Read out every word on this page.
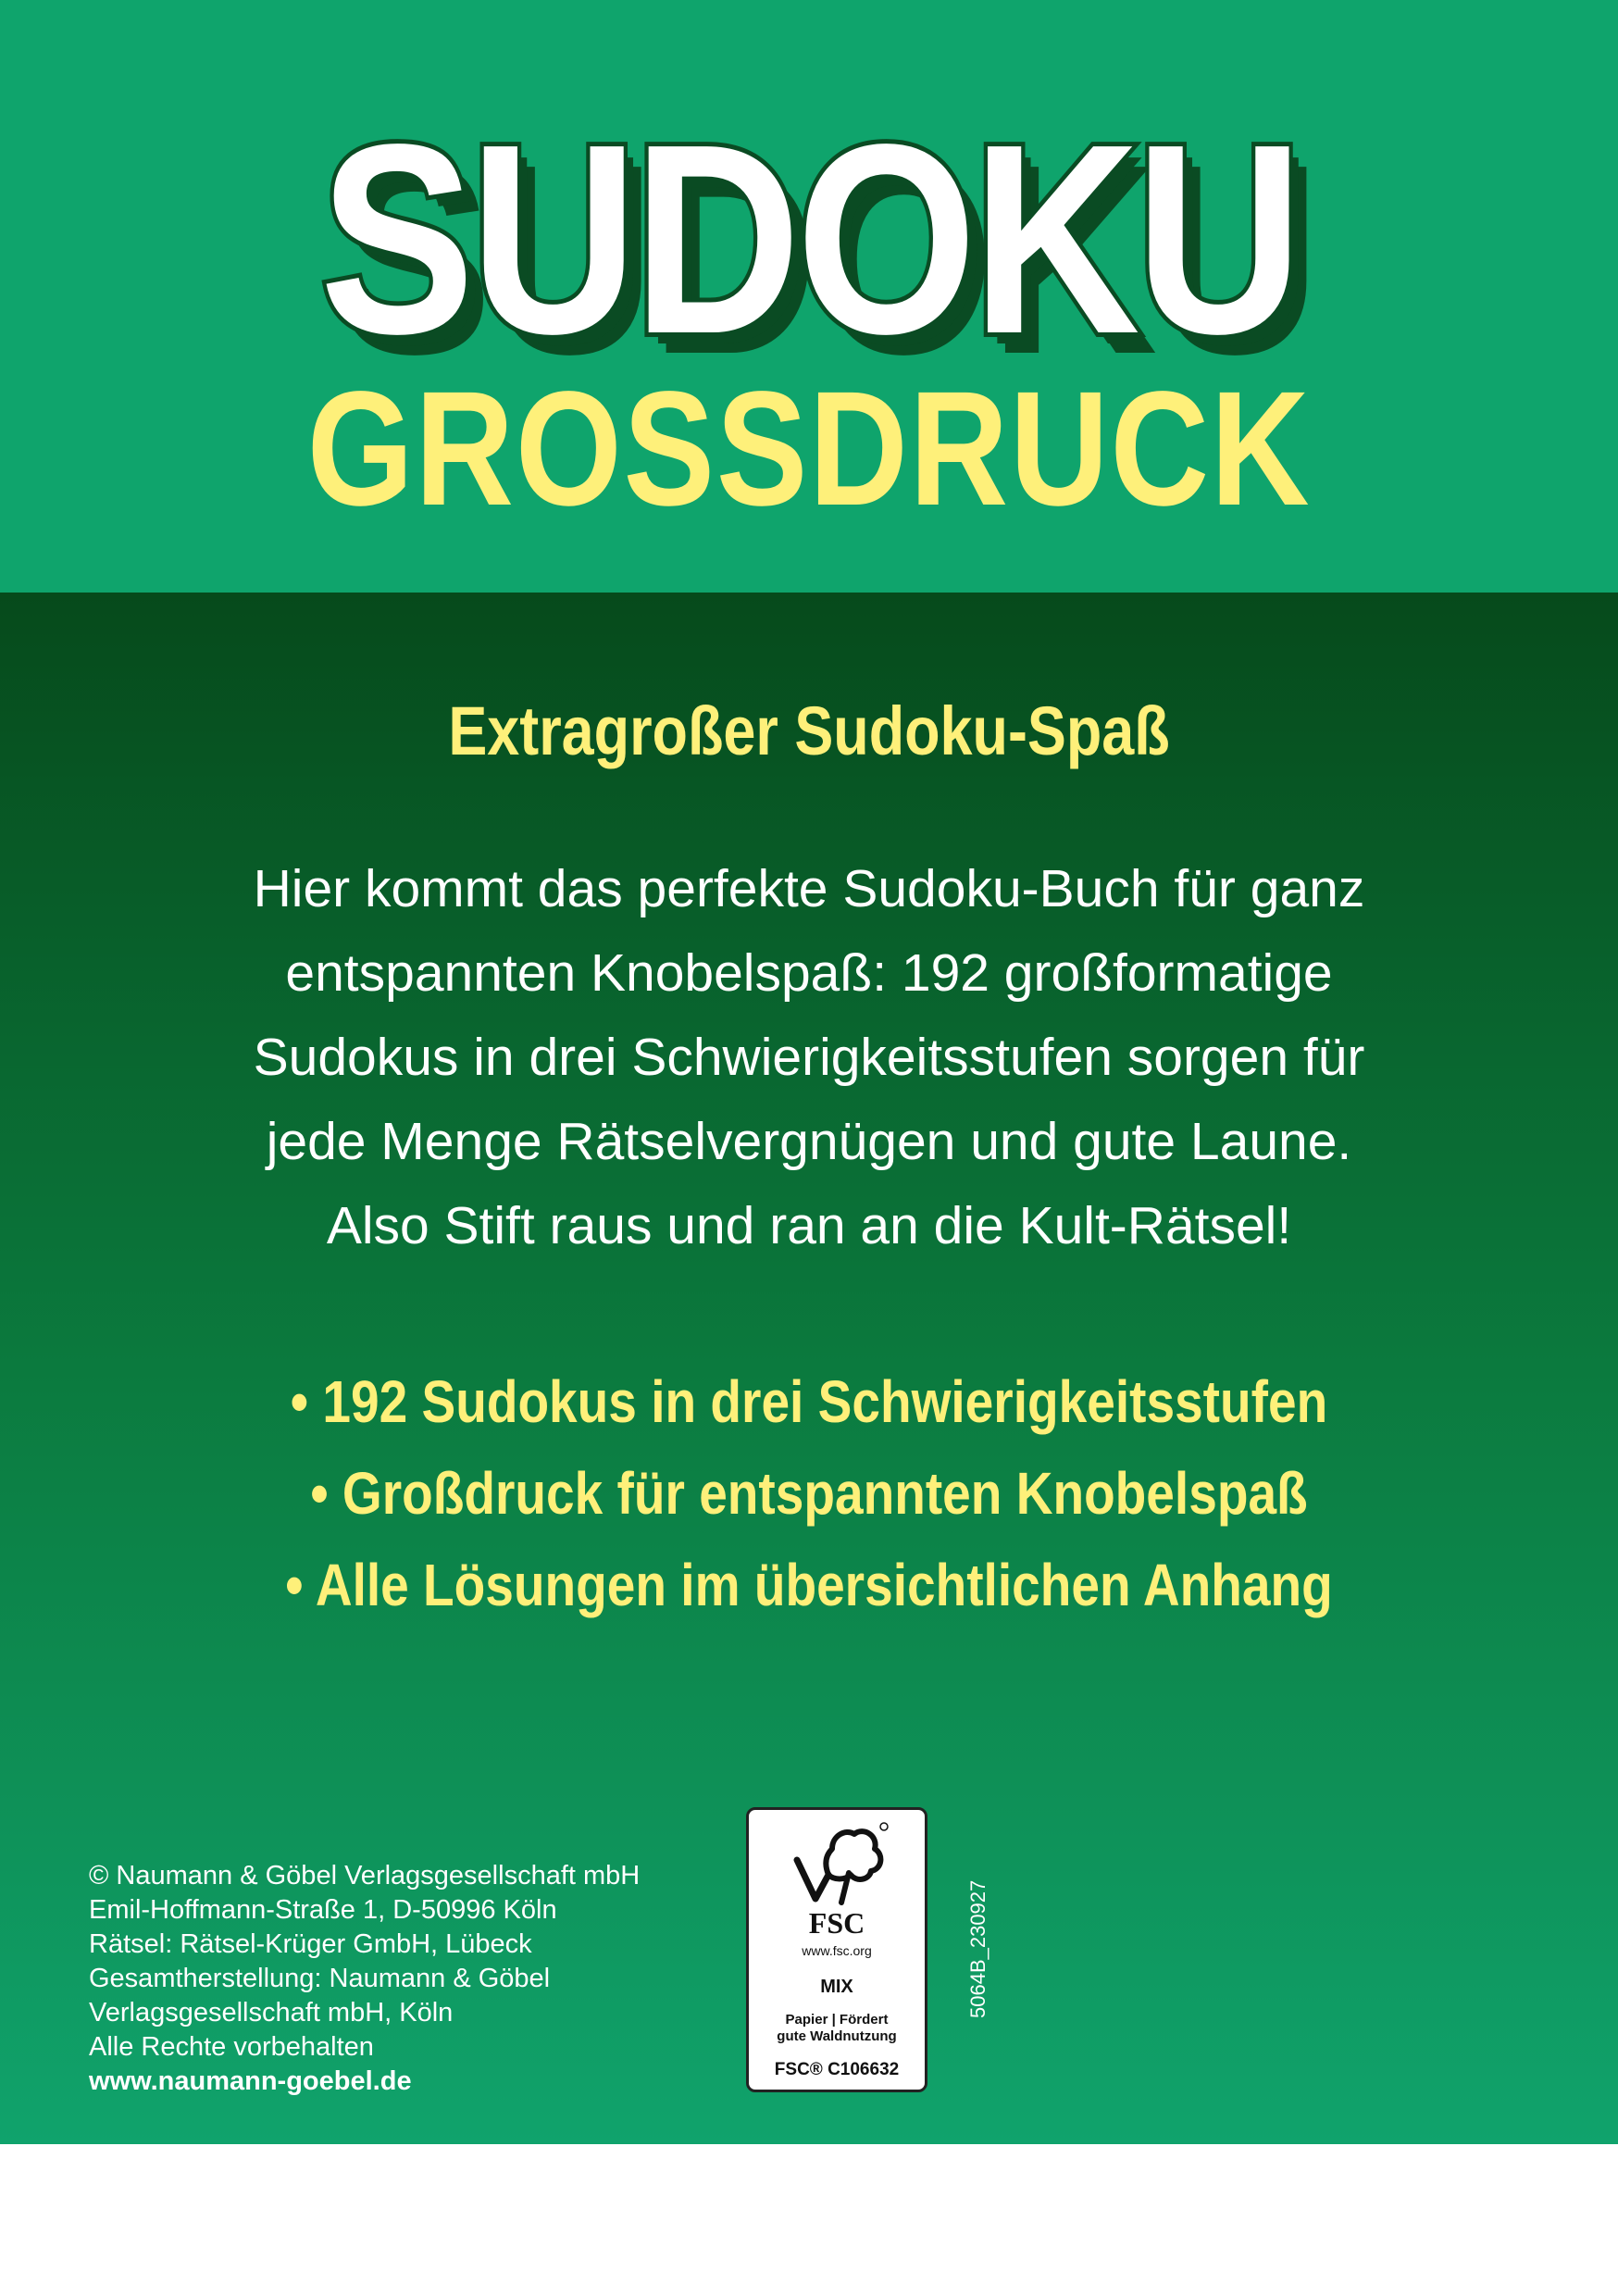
SUDOKU
GROSSDRUCK
Extragroßer Sudoku-Spaß

Hier kommt das perfekte Sudoku-Buch für ganz
entspannten Knobelspaß: 192 großformatige
Sudokus in drei Schwierigkeitsstufen sorgen für
jede Menge Rätselvergnügen und gute Laune.
Also Stift raus und ran an die Kult-Rätsel!

• 192 Sudokus in drei Schwierigkeitsstufen
• Großdruck für entspannten Knobelspaß
• Alle Lösungen im übersichtlichen Anhang
© Naumann & Göbel Verlagsgesellschaft mbH
Emil-Hoffmann-Straße 1, D-50996 Köln
Rätsel: Rätsel-Krüger GmbH, Lübeck
Gesamtherstellung: Naumann & Göbel
Verlagsgesellschaft mbH, Köln
Alle Rechte vorbehalten
www.naumann-goebel.de
FSC
www.fsc.org
MIX
Papier | Fördert
gute Waldnutzung
FSC® C106632
5064B_230927
